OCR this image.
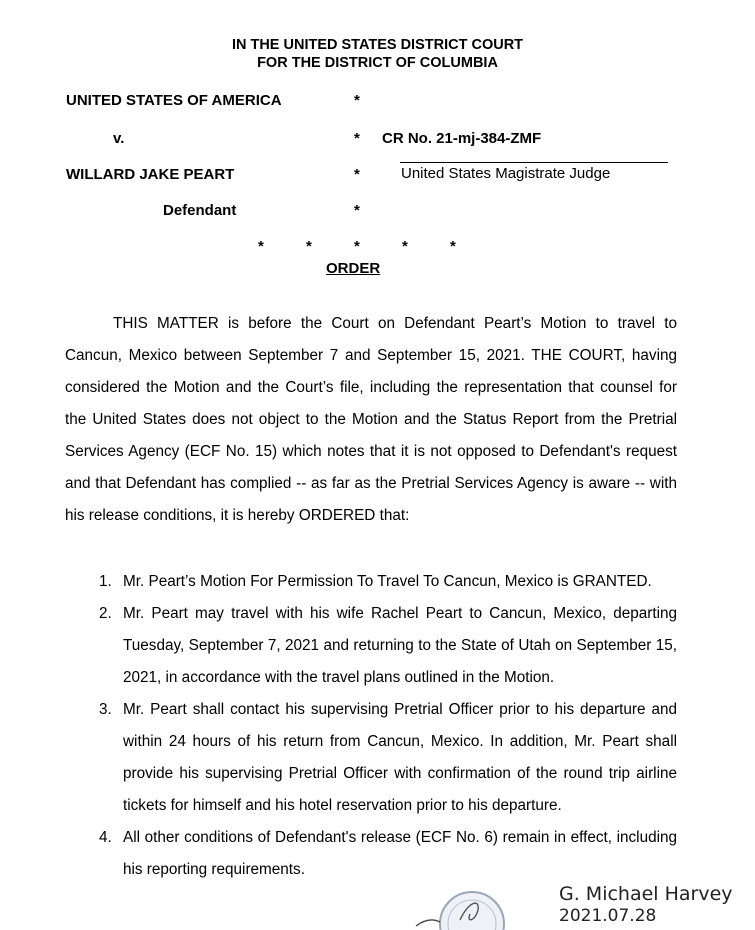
IN THE UNITED STATES DISTRICT COURT
FOR THE DISTRICT OF COLUMBIA
UNITED STATES OF AMERICA	*
v.	* CR No. 21-mj-384-ZMF
WILLARD JAKE PEART	*	United States Magistrate Judge
Defendant	*
*	*	*	*	*
ORDER
THIS MATTER is before the Court on Defendant Peart’s Motion to travel to Cancun, Mexico between September 7 and September 15, 2021. THE COURT, having considered the Motion and the Court’s file, including the representation that counsel for the United States does not object to the Motion and the Status Report from the Pretrial Services Agency (ECF No. 15) which notes that it is not opposed to Defendant's request and that Defendant has complied -- as far as the Pretrial Services Agency is aware -- with his release conditions, it is hereby ORDERED that:
1. Mr. Peart’s Motion For Permission To Travel To Cancun, Mexico is GRANTED.
2. Mr. Peart may travel with his wife Rachel Peart to Cancun, Mexico, departing Tuesday, September 7, 2021 and returning to the State of Utah on September 15, 2021, in accordance with the travel plans outlined in the Motion.
3. Mr. Peart shall contact his supervising Pretrial Officer prior to his departure and within 24 hours of his return from Cancun, Mexico. In addition, Mr. Peart shall provide his supervising Pretrial Officer with confirmation of the round trip airline tickets for himself and his hotel reservation prior to his departure.
4. All other conditions of Defendant's release (ECF No. 6) remain in effect, including his reporting requirements.
G. Michael Harvey
2021.07.28
